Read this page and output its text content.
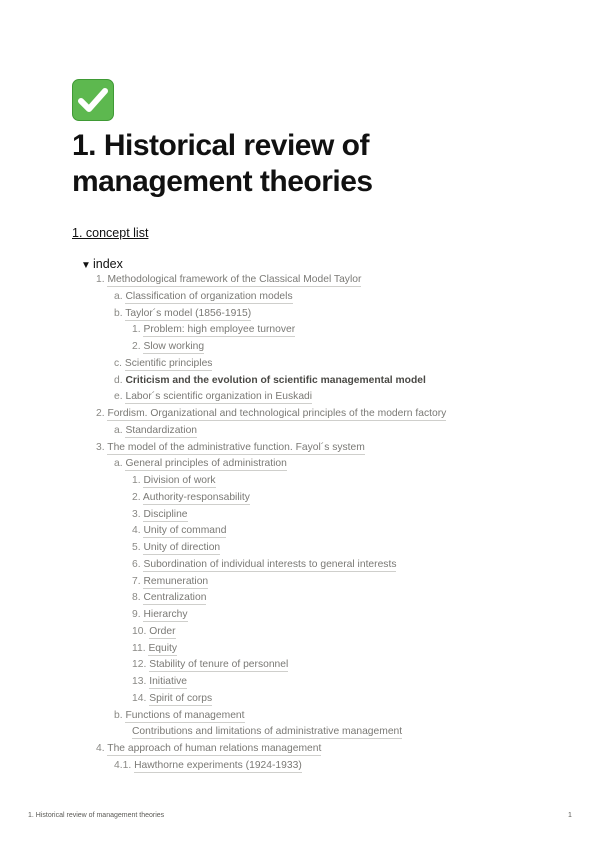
1. Historical review of management theories
1. concept list
▼ index
1. Methodological framework of the Classical Model Taylor
a. Classification of organization models
b. Taylor´s model (1856-1915)
1. Problem: high employee turnover
2. Slow working
c. Scientific principles
d. Criticism and the evolution of scientific managemental model
e. Labor´s scientific organization in Euskadi
2. Fordism. Organizational and technological principles of the modern factory
a. Standardization
3. The model of the administrative function. Fayol´s system
a. General principles of administration
1. Division of work
2. Authority-responsability
3. Discipline
4. Unity of command
5. Unity of direction
6. Subordination of individual interests to general interests
7. Remuneration
8. Centralization
9. Hierarchy
10. Order
11. Equity
12. Stability of tenure of personnel
13. Initiative
14. Spirit of corps
b. Functions of management
Contributions and limitations of administrative management
4. The approach of human relations management
4.1. Hawthorne experiments (1924-1933)
1. Historical review of management theories	1
